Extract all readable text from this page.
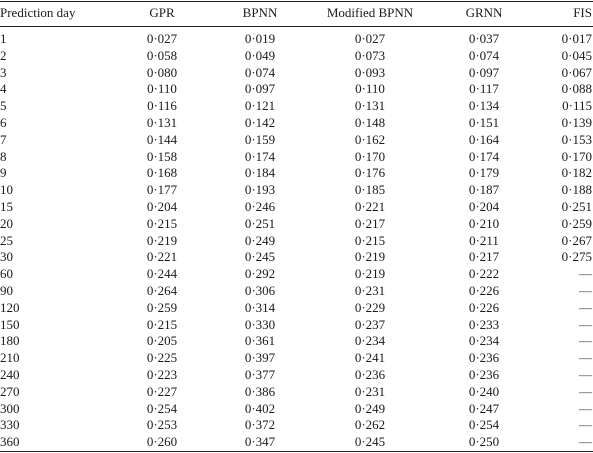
Prediction day	GPR	BPNN	Modified BPNN	GRNN	FIS
1	0·027	0·019	0·027	0·037	0·017
2	0·058	0·049	0·073	0·074	0·045
3	0·080	0·074	0·093	0·097	0·067
4	0·110	0·097	0·110	0·117	0·088
5	0·116	0·121	0·131	0·134	0·115
6	0·131	0·142	0·148	0·151	0·139
7	0·144	0·159	0·162	0·164	0·153
8	0·158	0·174	0·170	0·174	0·170
9	0·168	0·184	0·176	0·179	0·182
10	0·177	0·193	0·185	0·187	0·188
15	0·204	0·246	0·221	0·204	0·251
20	0·215	0·251	0·217	0·210	0·259
25	0·219	0·249	0·215	0·211	0·267
30	0·221	0·245	0·219	0·217	0·275
60	0·244	0·292	0·219	0·222	—
90	0·264	0·306	0·231	0·226	—
120	0·259	0·314	0·229	0·226	—
150	0·215	0·330	0·237	0·233	—
180	0·205	0·361	0·234	0·234	—
210	0·225	0·397	0·241	0·236	—
240	0·223	0·377	0·236	0·236	—
270	0·227	0·386	0·231	0·240	—
300	0·254	0·402	0·249	0·247	—
330	0·253	0·372	0·262	0·254	—
360	0·260	0·347	0·245	0·250	—
